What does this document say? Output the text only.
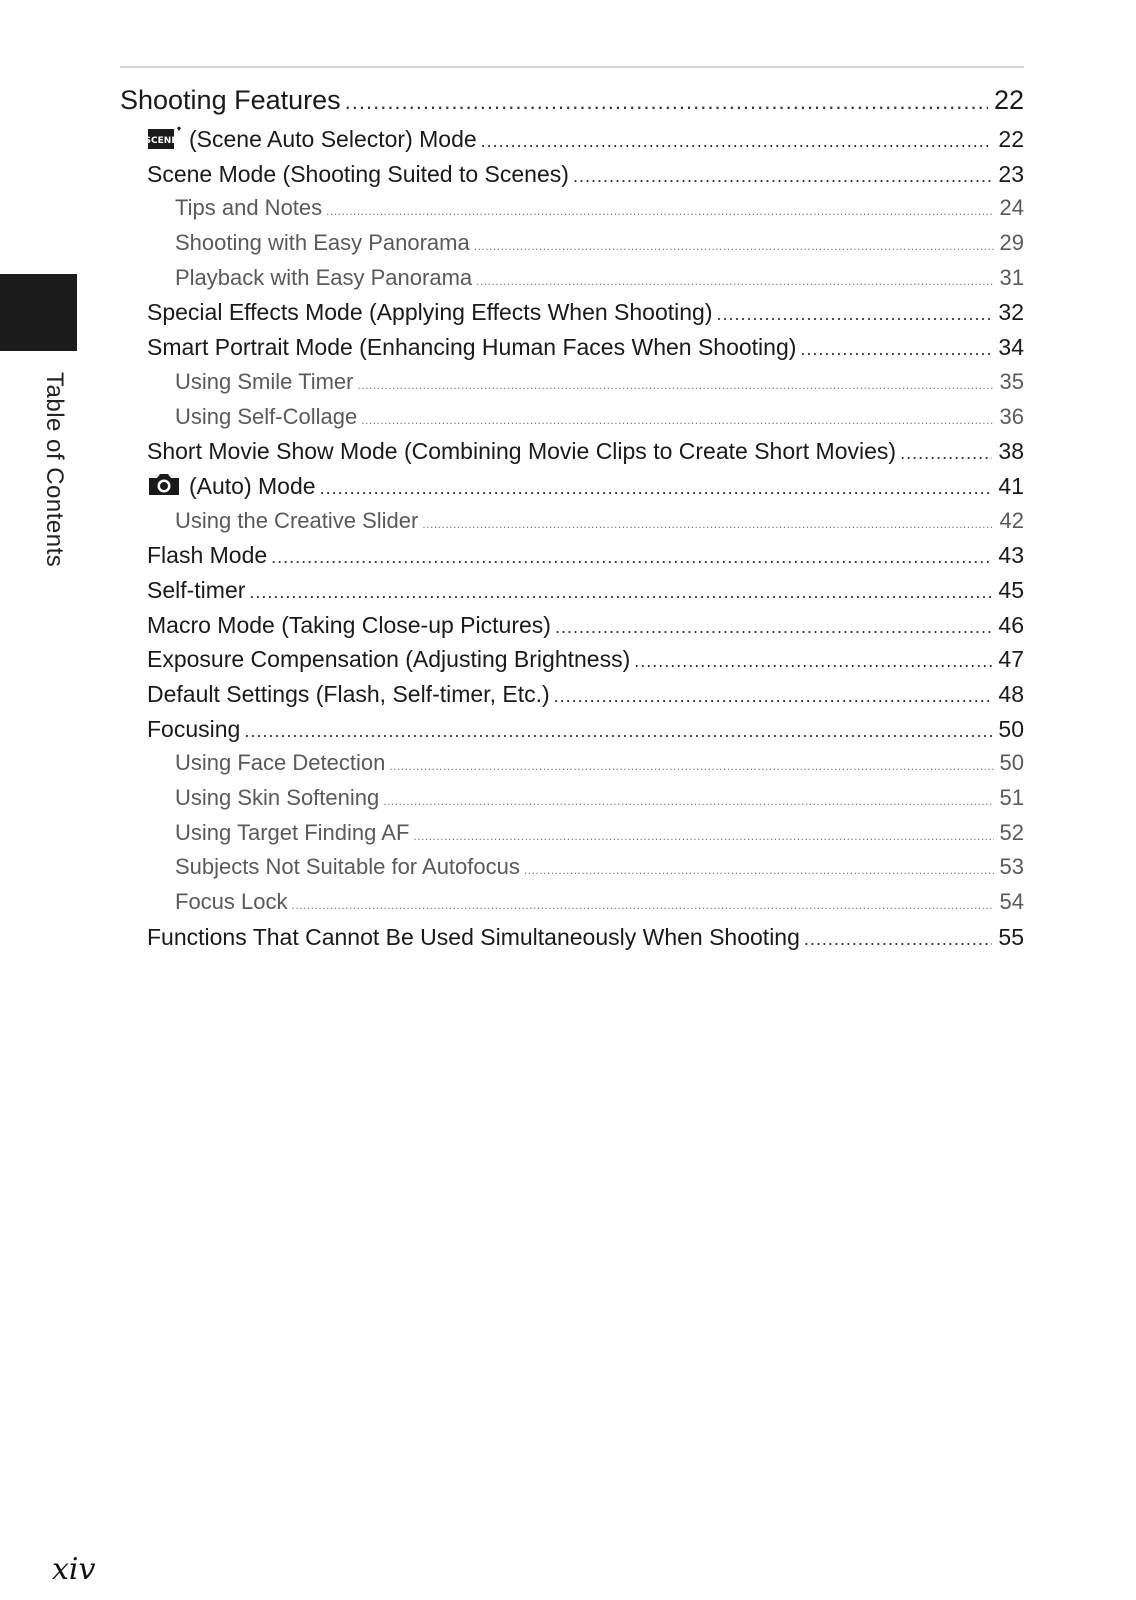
Table of Contents
Shooting Features .....	22
SCENE (Scene Auto Selector) Mode .....	22
Scene Mode (Shooting Suited to Scenes) .....	23
Tips and Notes .....	24
Shooting with Easy Panorama .....	29
Playback with Easy Panorama .....	31
Special Effects Mode (Applying Effects When Shooting) .....	32
Smart Portrait Mode (Enhancing Human Faces When Shooting) .....	34
Using Smile Timer .....	35
Using Self-Collage .....	36
Short Movie Show Mode (Combining Movie Clips to Create Short Movies) .....	38
(Auto) Mode .....	41
Using the Creative Slider .....	42
Flash Mode .....	43
Self-timer .....	45
Macro Mode (Taking Close-up Pictures) .....	46
Exposure Compensation (Adjusting Brightness) .....	47
Default Settings (Flash, Self-timer, Etc.) .....	48
Focusing .....	50
Using Face Detection .....	50
Using Skin Softening .....	51
Using Target Finding AF .....	52
Subjects Not Suitable for Autofocus .....	53
Focus Lock .....	54
Functions That Cannot Be Used Simultaneously When Shooting .....	55
xiv
